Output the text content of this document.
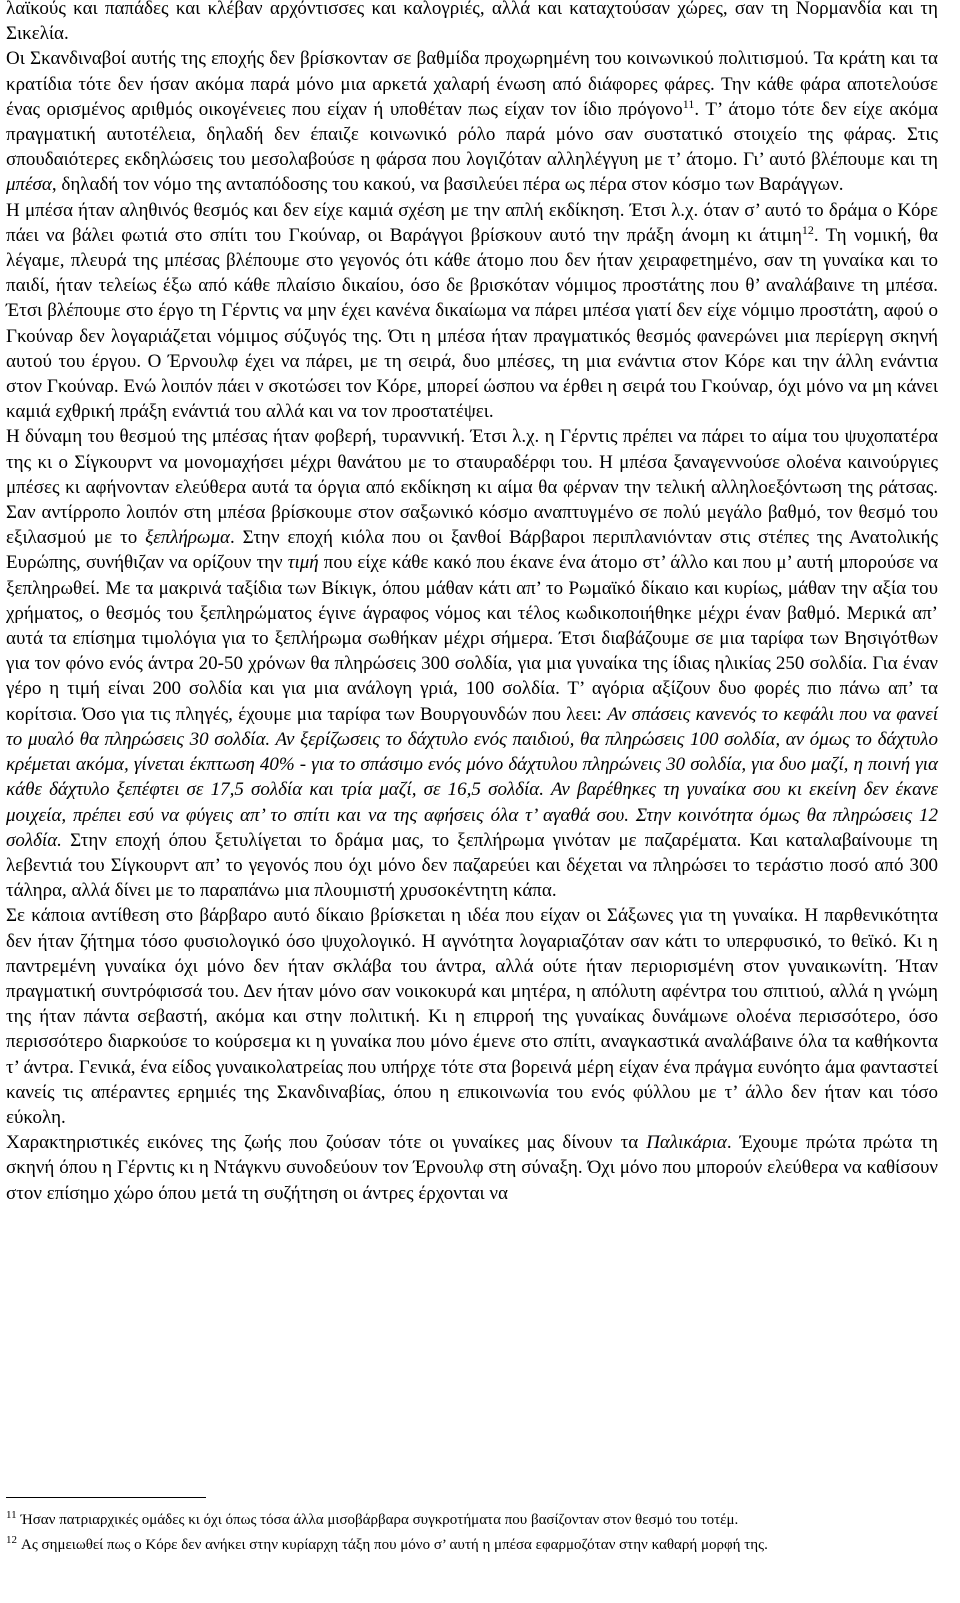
λαϊκούς και παπάδες και κλέβαν αρχόντισσες και καλογριές, αλλά και καταχτούσαν χώρες, σαν τη Νορμανδία και τη Σικελία.

Οι Σκανδιναβοί αυτής της εποχής δεν βρίσκονταν σε βαθμίδα προχωρημένη του κοινωνικού πολιτισμού. Τα κράτη και τα κρατίδια τότε δεν ήσαν ακόμα παρά μόνο μια αρκετά χαλαρή ένωση από διάφορες φάρες. Την κάθε φάρα αποτελούσε ένας ορισμένος αριθμός οικογένειες που είχαν ή υποθέταν πως είχαν τον ίδιο πρόγονο$^{11}$. Τ’ άτομο τότε δεν είχε ακόμα πραγματική αυτοτέλεια, δηλαδή δεν έπαιζε κοινωνικό ρόλο παρά μόνο σαν συστατικό στοιχείο της φάρας. Στις σπουδαιότερες εκδηλώσεις του μεσολαβούσε η φάρσα που λογιζόταν αλληλέγγυη με τ’ άτομο. Γι’ αυτό βλέπουμε και τη μπέσα, δηλαδή τον νόμο της ανταπόδοσης του κακού, να βασιλεύει πέρα ως πέρα στον κόσμο των Βαράγγων.

Η μπέσα ήταν αληθινός θεσμός και δεν είχε καμιά σχέση με την απλή εκδίκηση. Έτσι λ.χ. όταν σ’ αυτό το δράμα ο Κόρε πάει να βάλει φωτιά στο σπίτι του Γκούναρ, οι Βαράγγοι βρίσκουν αυτό την πράξη άνομη κι άτιμη$^{12}$. Τη νομική, θα λέγαμε, πλευρά της μπέσας βλέπουμε στο γεγονός ότι κάθε άτομο που δεν ήταν χειραφετημένο, σαν τη γυναίκα και το παιδί, ήταν τελείως έξω από κάθε πλαίσιο δικαίου, όσο δε βρισκόταν νόμιμος προστάτης που θ’ αναλάβαινε τη μπέσα. Έτσι βλέπουμε στο έργο τη Γέρντις να μην έχει κανένα δικαίωμα να πάρει μπέσα γιατί δεν είχε νόμιμο προστάτη, αφού ο Γκούναρ δεν λογαριάζεται νόμιμος σύζυγός της. Ότι η μπέσα ήταν πραγματικός θεσμός φανερώνει μια περίεργη σκηνή αυτού του έργου. Ο Έρνουλφ έχει να πάρει, με τη σειρά, δυο μπέσες, τη μια ενάντια στον Κόρε και την άλλη ενάντια στον Γκούναρ. Ενώ λοιπόν πάει ν σκοτώσει τον Κόρε, μπορεί ώσπου να έρθει η σειρά του Γκούναρ, όχι μόνο να μη κάνει καμιά εχθρική πράξη ενάντιά του αλλά και να τον προστατέψει.

Η δύναμη του θεσμού της μπέσας ήταν φοβερή, τυραννική. Έτσι λ.χ. η Γέρντις πρέπει να πάρει το αίμα του ψυχοπατέρα της κι ο Σίγκουρντ να μονομαχήσει μέχρι θανάτου με το σταυραδέρφι του. Η μπέσα ξαναγεννούσε ολοένα καινούργιες μπέσες κι αφήνονταν ελεύθερα αυτά τα όργια από εκδίκηση κι αίμα θα φέρναν την τελική αλληλοεξόντωση της ράτσας. Σαν αντίρροπο λοιπόν στη μπέσα βρίσκουμε στον σαξωνικό κόσμο αναπτυγμένο σε πολύ μεγάλο βαθμό, τον θεσμό του εξιλασμού με το ξεπλήρωμα. Στην εποχή κιόλα που οι ξανθοί Βάρβαροι περιπλανιόνταν στις στέπες της Ανατολικής Ευρώπης, συνήθιζαν να ορίζουν την τιμή που είχε κάθε κακό που έκανε ένα άτομο στ’ άλλο και που μ’ αυτή μπορούσε να ξεπληρωθεί. Με τα μακρινά ταξίδια των Βίκιγκ, όπου μάθαν κάτι απ’ το Ρωμαϊκό δίκαιο και κυρίως, μάθαν την αξία του χρήματος, ο θεσμός του ξεπληρώματος έγινε άγραφος νόμος και τέλος κωδικοποιήθηκε μέχρι έναν βαθμό. Μερικά απ’ αυτά τα επίσημα τιμολόγια για το ξεπλήρωμα σωθήκαν μέχρι σήμερα. Έτσι διαβάζουμε σε μια ταρίφα των Βησιγότθων για τον φόνο ενός άντρα 20-50 χρόνων θα πληρώσεις 300 σολδία, για μια γυναίκα της ίδιας ηλικίας 250 σολδία. Για έναν γέρο η τιμή είναι 200 σολδία και για μια ανάλογη γριά, 100 σολδία. Τ’ αγόρια αξίζουν δυο φορές πιο πάνω απ’ τα κορίτσια. Όσο για τις πληγές, έχουμε μια ταρίφα των Βουργουνδών που λεει: Αν σπάσεις κανενός το κεφάλι που να φανεί το μυαλό θα πληρώσεις 30 σολδία. Αν ξερίζωσεις το δάχτυλο ενός παιδιού, θα πληρώσεις 100 σολδία, αν όμως το δάχτυλο κρέμεται ακόμα, γίνεται έκπτωση 40% - για το σπάσιμο ενός μόνο δάχτυλου πληρώνεις 30 σολδία, για δυο μαζί, η ποινή για κάθε δάχτυλο ξεπέφτει σε 17,5 σολδία και τρία μαζί, σε 16,5 σολδία. Αν βαρέθηκες τη γυναίκα σου κι εκείνη δεν έκανε μοιχεία, πρέπει εσύ να φύγεις απ’ το σπίτι και να της αφήσεις όλα τ’ αγαθά σου. Στην κοινότητα όμως θα πληρώσεις 12 σολδία. Στην εποχή όπου ξετυλίγεται το δράμα μας, το ξεπλήρωμα γινόταν με παζαρέματα. Και καταλαβαίνουμε τη λεβεντιά του Σίγκουρντ απ’ το γεγονός που όχι μόνο δεν παζαρεύει και δέχεται να πληρώσει το τεράστιο ποσό από 300 τάληρα, αλλά δίνει με το παραπάνω μια πλουμιστή χρυσοκέντητη κάπα.

Σε κάποια αντίθεση στο βάρβαρο αυτό δίκαιο βρίσκεται η ιδέα που είχαν οι Σάξωνες για τη γυναίκα. Η παρθενικότητα δεν ήταν ζήτημα τόσο φυσιολογικό όσο ψυχολογικό. Η αγνότητα λογαριαζόταν σαν κάτι το υπερφυσικό, το θεϊκό. Κι η παντρεμένη γυναίκα όχι μόνο δεν ήταν σκλάβα του άντρα, αλλά ούτε ήταν περιορισμένη στον γυναικωνίτη. Ήταν πραγματική συντρόφισσά του. Δεν ήταν μόνο σαν νοικοκυρά και μητέρα, η απόλυτη αφέντρα του σπιτιού, αλλά η γνώμη της ήταν πάντα σεβαστή, ακόμα και στην πολιτική. Κι η επιρροή της γυναίκας δυνάμωνε ολοένα περισσότερο, όσο περισσότερο διαρκούσε το κούρσεμα κι η γυναίκα που μόνο έμενε στο σπίτι, αναγκαστικά αναλάβαινε όλα τα καθήκοντα τ’ άντρα. Γενικά, ένα είδος γυναικολατρείας που υπήρχε τότε στα βορεινά μέρη είχαν ένα πράγμα ευνόητο άμα φανταστεί κανείς τις απέραντες ερημιές της Σκανδιναβίας, όπου η επικοινωνία του ενός φύλλου με τ’ άλλο δεν ήταν και τόσο εύκολη.

Χαρακτηριστικές εικόνες της ζωής που ζούσαν τότε οι γυναίκες μας δίνουν τα Παλικάρια. Έχουμε πρώτα πρώτα τη σκηνή όπου η Γέρντις κι η Ντάγκνυ συνοδεύουν τον Έρνουλφ στη σύναξη. Όχι μόνο που μπορούν ελεύθερα να καθίσουν στον επίσημο χώρο όπου μετά τη συζήτηση οι άντρες έρχονται να

$^{11}$ Ήσαν πατριαρχικές ομάδες κι όχι όπως τόσα άλλα μισοβάρβαρα συγκροτήματα που βασίζονταν στον θεσμό του τοτέμ.

$^{12}$ Ας σημειωθεί πως ο Κόρε δεν ανήκει στην κυρίαρχη τάξη που μόνο σ’ αυτή η μπέσα εφαρμοζόταν στην καθαρή μορφή της.
